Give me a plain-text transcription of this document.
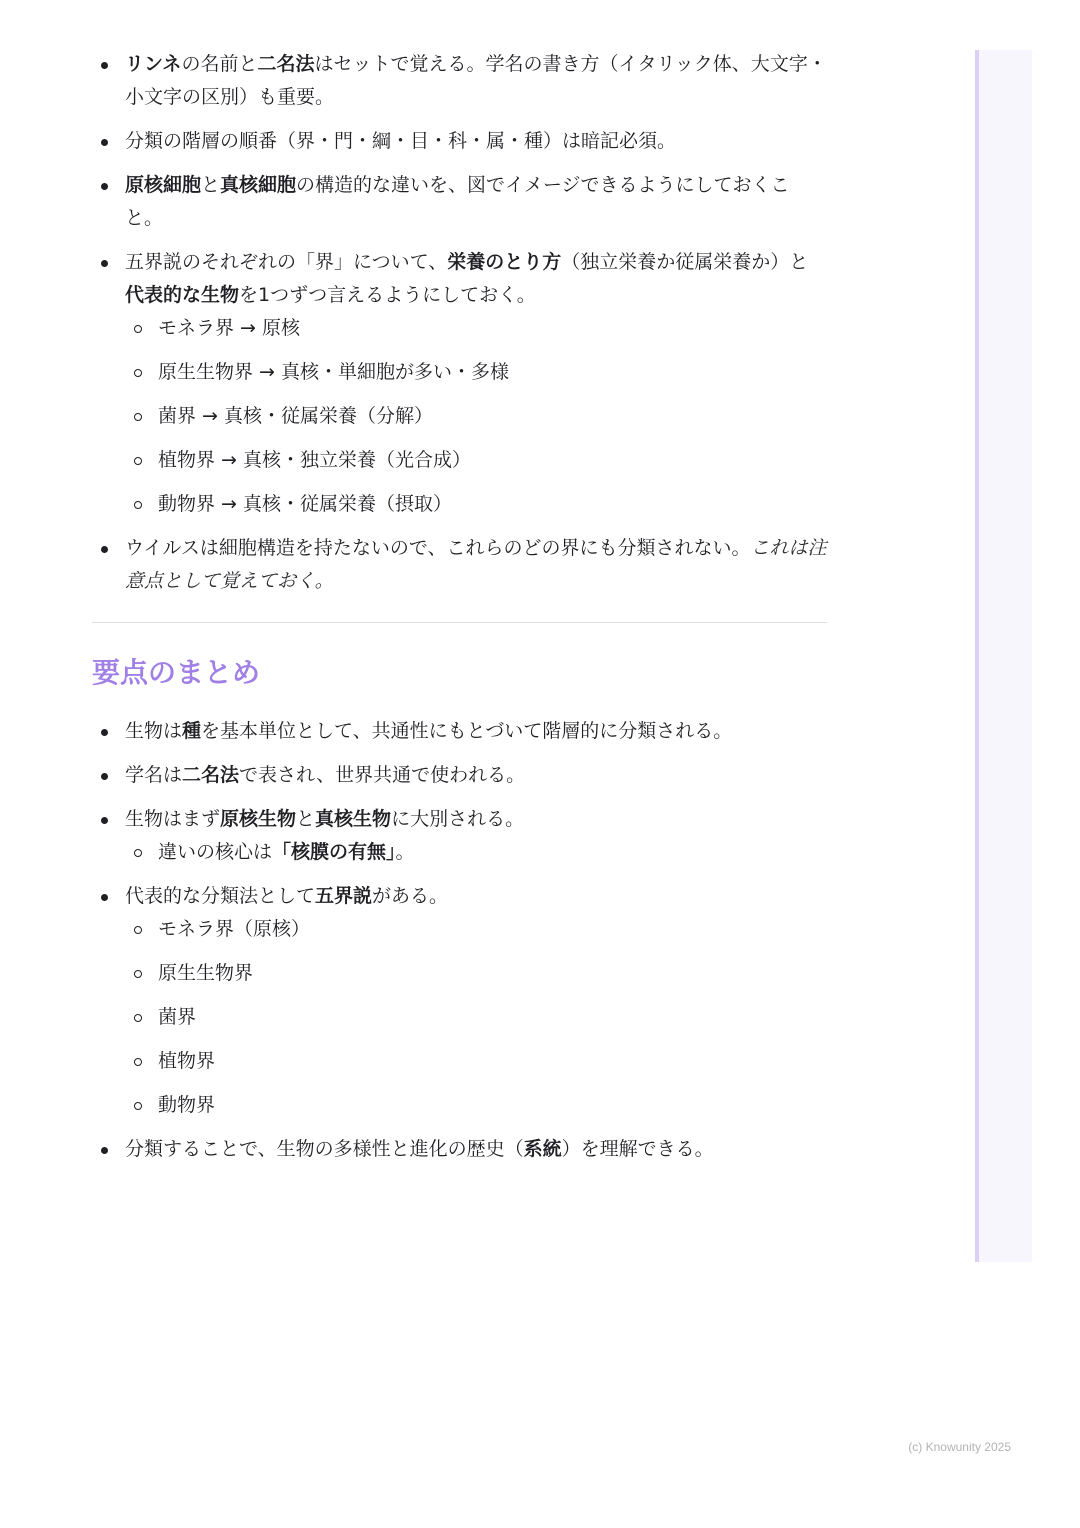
リンネの名前と二名法はセットで覚える。学名の書き方（イタリック体、大文字・小文字の区別）も重要。
分類の階層の順番（界・門・綱・目・科・属・種）は暗記必須。
原核細胞と真核細胞の構造的な違いを、図でイメージできるようにしておくこと。
五界説のそれぞれの「界」について、栄養のとり方（独立栄養か従属栄養か）と代表的な生物を1つずつ言えるようにしておく。
モネラ界 → 原核
原生生物界 → 真核・単細胞が多い・多様
菌界 → 真核・従属栄養（分解）
植物界 → 真核・独立栄養（光合成）
動物界 → 真核・従属栄養（摂取）
ウイルスは細胞構造を持たないので、これらのどの界にも分類されない。これは注意点として覚えておく。
要点のまとめ
生物は種を基本単位として、共通性にもとづいて階層的に分類される。
学名は二名法で表され、世界共通で使われる。
生物はまず原核生物と真核生物に大別される。
違いの核心は「核膜の有無」。
代表的な分類法として五界説がある。
モネラ界（原核）
原生生物界
菌界
植物界
動物界
分類することで、生物の多様性と進化の歴史（系統）を理解できる。
(c) Knowunity 2025
